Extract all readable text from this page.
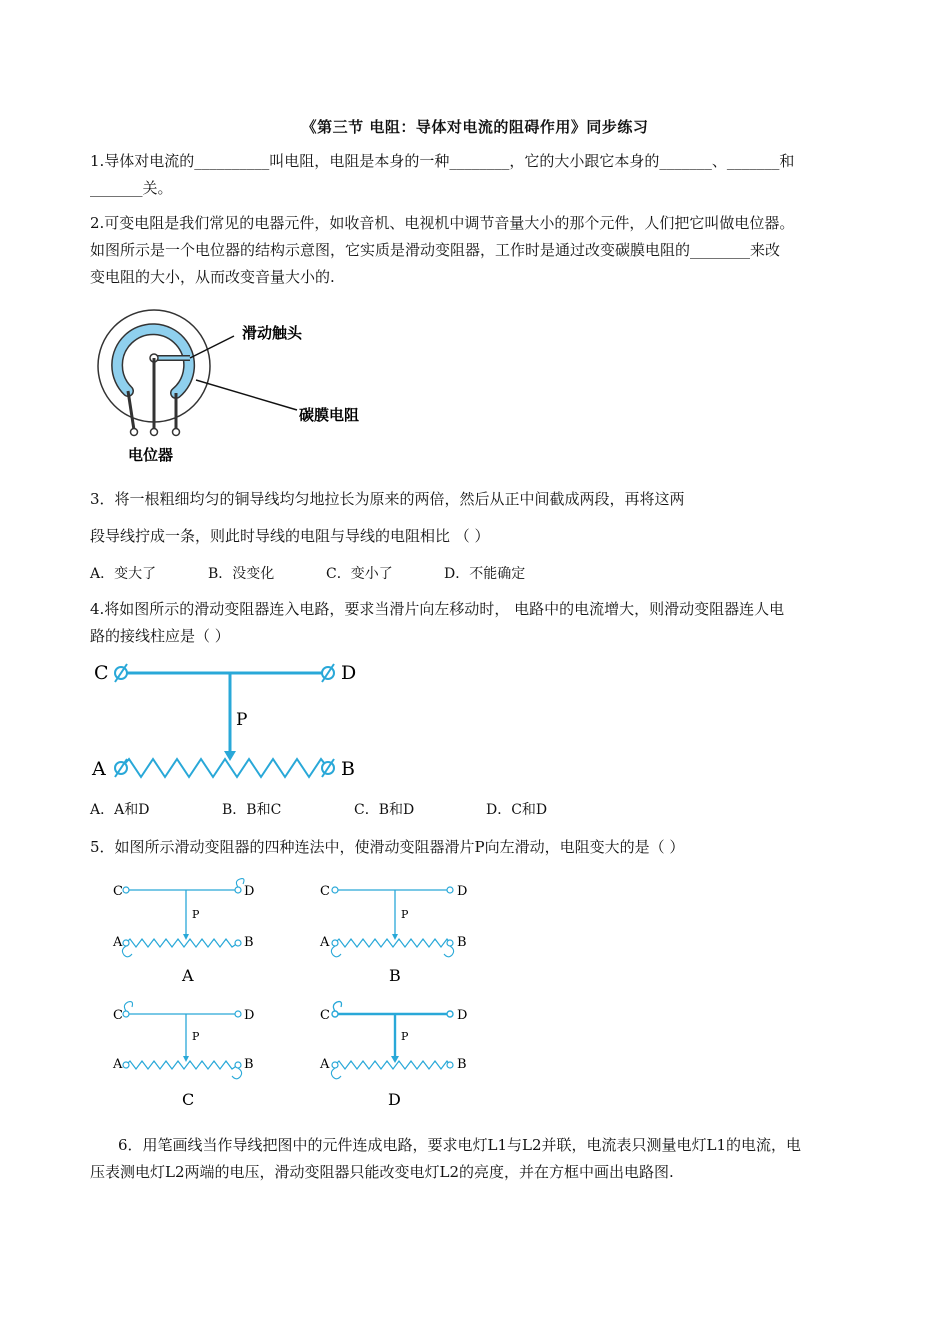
《第三节 电阻：导体对电流的阻碍作用》同步练习
1.导体对电流的__________叫电阻，电阻是本身的一种________，它的大小跟它本身的_______、_______和
_______关。
2.可变电阻是我们常见的电器元件，如收音机、电视机中调节音量大小的那个元件，人们把它叫做电位器。
如图所示是一个电位器的结构示意图，它实质是滑动变阻器，工作时是通过改变碳膜电阻的________来改
变电阻的大小，从而改变音量大小的.
滑动触头
碳膜电阻
电位器
3．将一根粗细均匀的铜导线均匀地拉长为原来的两倍，然后从正中间截成两段，再将这两
段导线拧成一条，则此时导线的电阻与导线的电阻相比 （ ）
A．变大了	B．没变化	C．变小了	D．不能确定
4.将如图所示的滑动变阻器连入电路，要求当滑片向左移动时， 电路中的电流增大，则滑动变阻器连人电
路的接线柱应是（ ）
C	D
A	B
P
A．A和D	B．B和C	C．B和D	D．C和D
5．如图所示滑动变阻器的四种连法中，使滑动变阻器滑片P向左滑动，电阻变大的是（ ）
C	D
A	B
P
A
C	D
A	B
P
B
C	D
A	B
P
C
C	D
A	B
P
D
6．用笔画线当作导线把图中的元件连成电路，要求电灯L1与L2并联，电流表只测量电灯L1的电流，电
压表测电灯L2两端的电压，滑动变阻器只能改变电灯L2的亮度，并在方框中画出电路图.
